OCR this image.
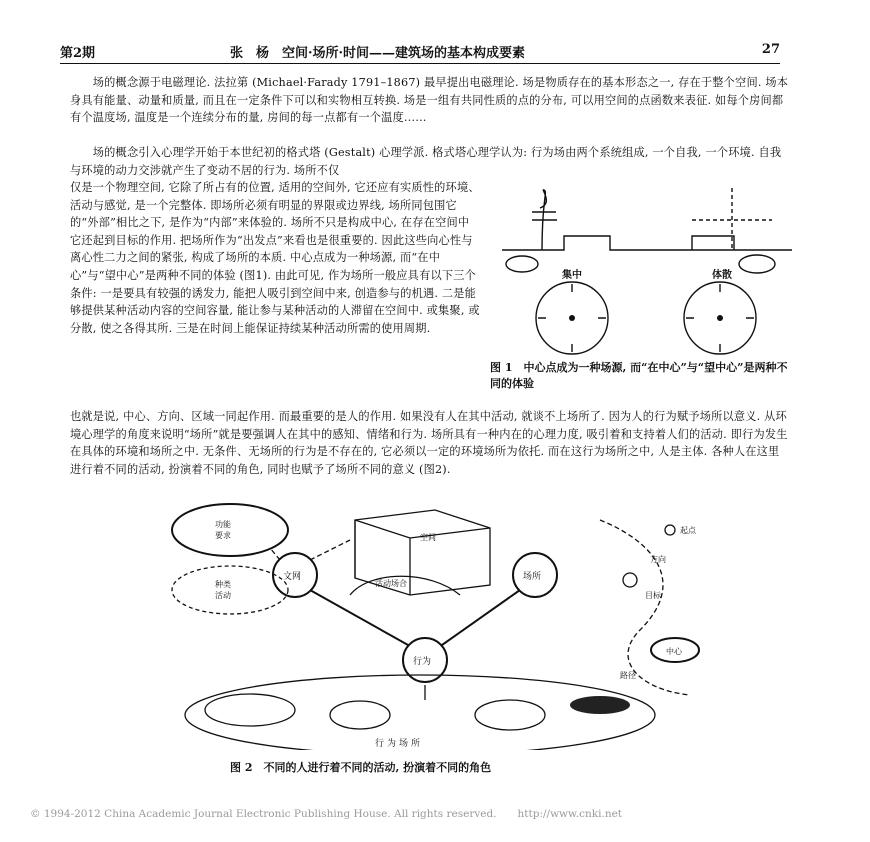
第2期	张　杨　空间·场所·时间——建筑场的基本构成要素	27

　　场的概念源于电磁理论. 法拉第 (Michael·Farady 1791–1867) 最早提出电磁理论. 场是物质存在的基本形态之一, 存在于整个空间. 场本身具有能量、动量和质量, 而且在一定条件下可以和实物相互转换. 场是一组有共同性质的点的分布, 可以用空间的点函数来表征. 如每个房间都有个温度场, 温度是一个连续分布的量, 房间的每一点都有一个温度……

　　场的概念引入心理学开始于本世纪初的格式塔 (Gestalt) 心理学派. 格式塔心理学认为: 行为场由两个系统组成, 一个自我, 一个环境. 自我与环境的动力交涉就产生了变动不居的行为. 场所不仅

仅是一个物理空间, 它除了所占有的位置, 适用的空间外, 它还应有实质性的环境、活动与感觉, 是一个完整体. 即场所必须有明显的界限或边界线, 场所同包围它的“外部”相比之下, 是作为“内部”来体验的. 场所不只是构成中心, 在存在空间中它还起到目标的作用. 把场所作为“出发点”来看也是很重要的. 因此这些向心性与离心性二力之间的紧张, 构成了场所的本质. 中心点成为一种场源, 而“在中心”与“望中心”是两种不同的体验 (图1). 由此可见, 作为场所一般应具有以下三个条件: 一是要具有较强的诱发力, 能把人吸引到空间中来, 创造参与的机遇. 二是能够提供某种活动内容的空间容量, 能让参与某种活动的人滞留在空间中. 或集聚, 或分散, 使之各得其所. 三是在时间上能保证持续某种活动所需的使用周期.

也就是说, 中心、方向、区域一同起作用. 而最重要的是人的作用. 如果没有人在其中活动, 就谈不上场所了. 因为人的行为赋予场所以意义. 从环境心理学的角度来说明“场所”就是要强调人在其中的感知、情绪和行为. 场所具有一种内在的心理力度, 吸引着和支持着人们的活动. 即行为发生在具体的环境和场所之中. 无条件、无场所的行为是不存在的, 它必须以一定的环境场所为依托. 而在这行为场所之中, 人是主体. 各种人在这里进行着不同的活动, 扮演着不同的角色, 同时也赋予了场所不同的意义 (图2).

集中	体散
图 1　中心点成为一种场源, 而“在中心”与“望中心”是两种不同的体验
功能
要求
种类
活动
空间
活动场合
文网	场所
行为
起点
方向
目标
中心
路径
行为场所
图 2　不同的人进行着不同的活动, 扮演着不同的角色
© 1994-2012 China Academic Journal Electronic Publishing House. All rights reserved.　　http://www.cnki.net
